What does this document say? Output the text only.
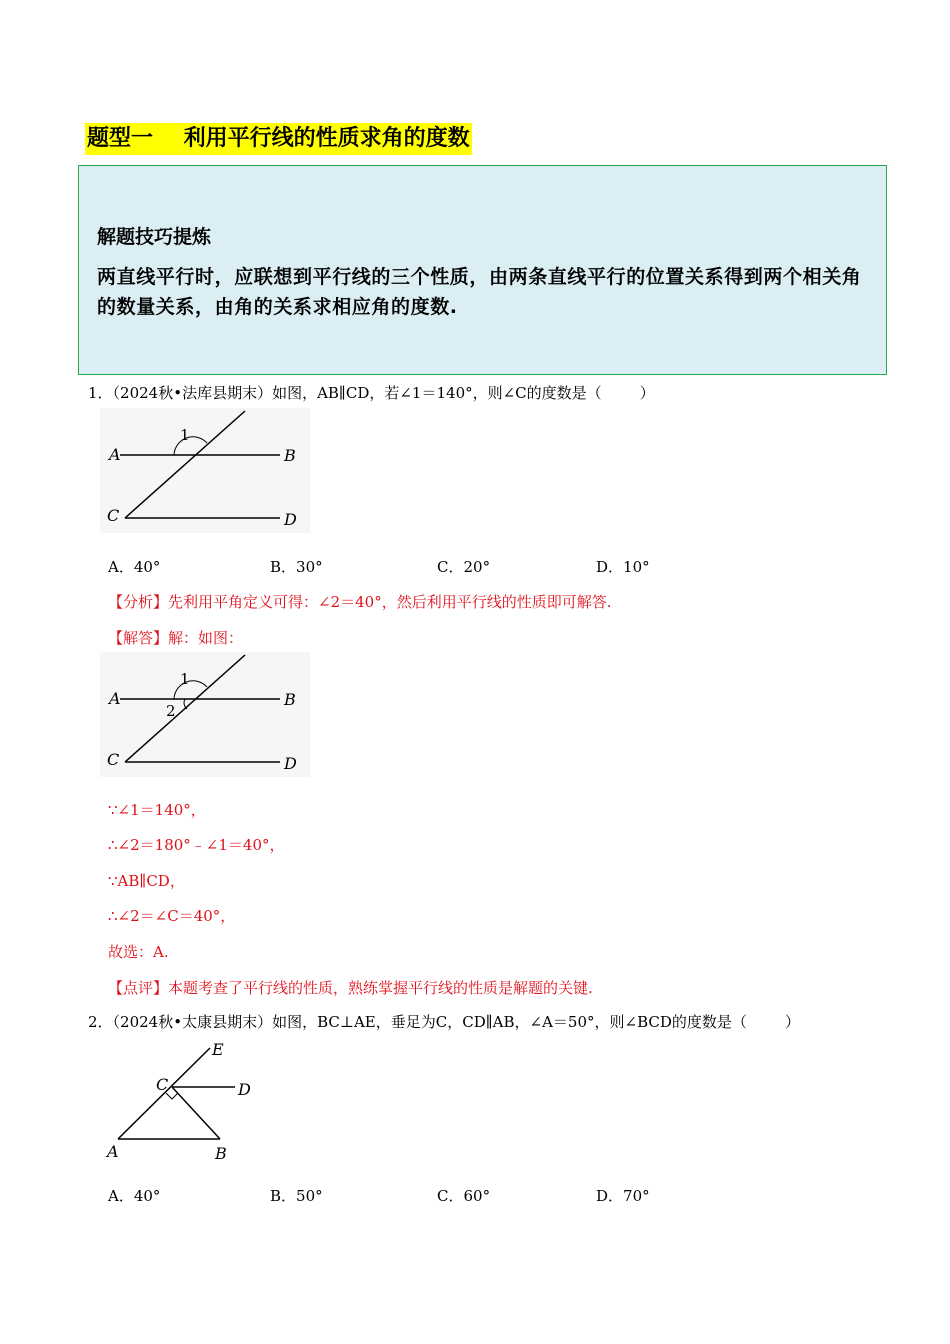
题型一    利用平行线的性质求角的度数
解题技巧提炼
两直线平行时，应联想到平行线的三个性质，由两条直线平行的位置关系得到两个相关角的数量关系，由角的关系求相应角的度数.
1．（2024秋•法库县期末）如图，AB∥CD，若∠1＝140°，则∠C的度数是（        ）
A	B
C	D
1
A．40°	B．30°	C．20°	D．10°
【分析】先利用平角定义可得：∠2＝40°，然后利用平行线的性质即可解答.
【解答】解：如图：
A	B
C	D
1
2
∵∠1＝140°，
∴∠2＝180°﹣∠1＝40°，
∵AB∥CD，
∴∠2＝∠C＝40°，
故选：A.
【点评】本题考查了平行线的性质，熟练掌握平行线的性质是解题的关键.
2．（2024秋•太康县期末）如图，BC⊥AE，垂足为C，CD∥AB，∠A＝50°，则∠BCD的度数是（        ）
A	B
C	D
E
A．40°	B．50°	C．60°	D．70°
